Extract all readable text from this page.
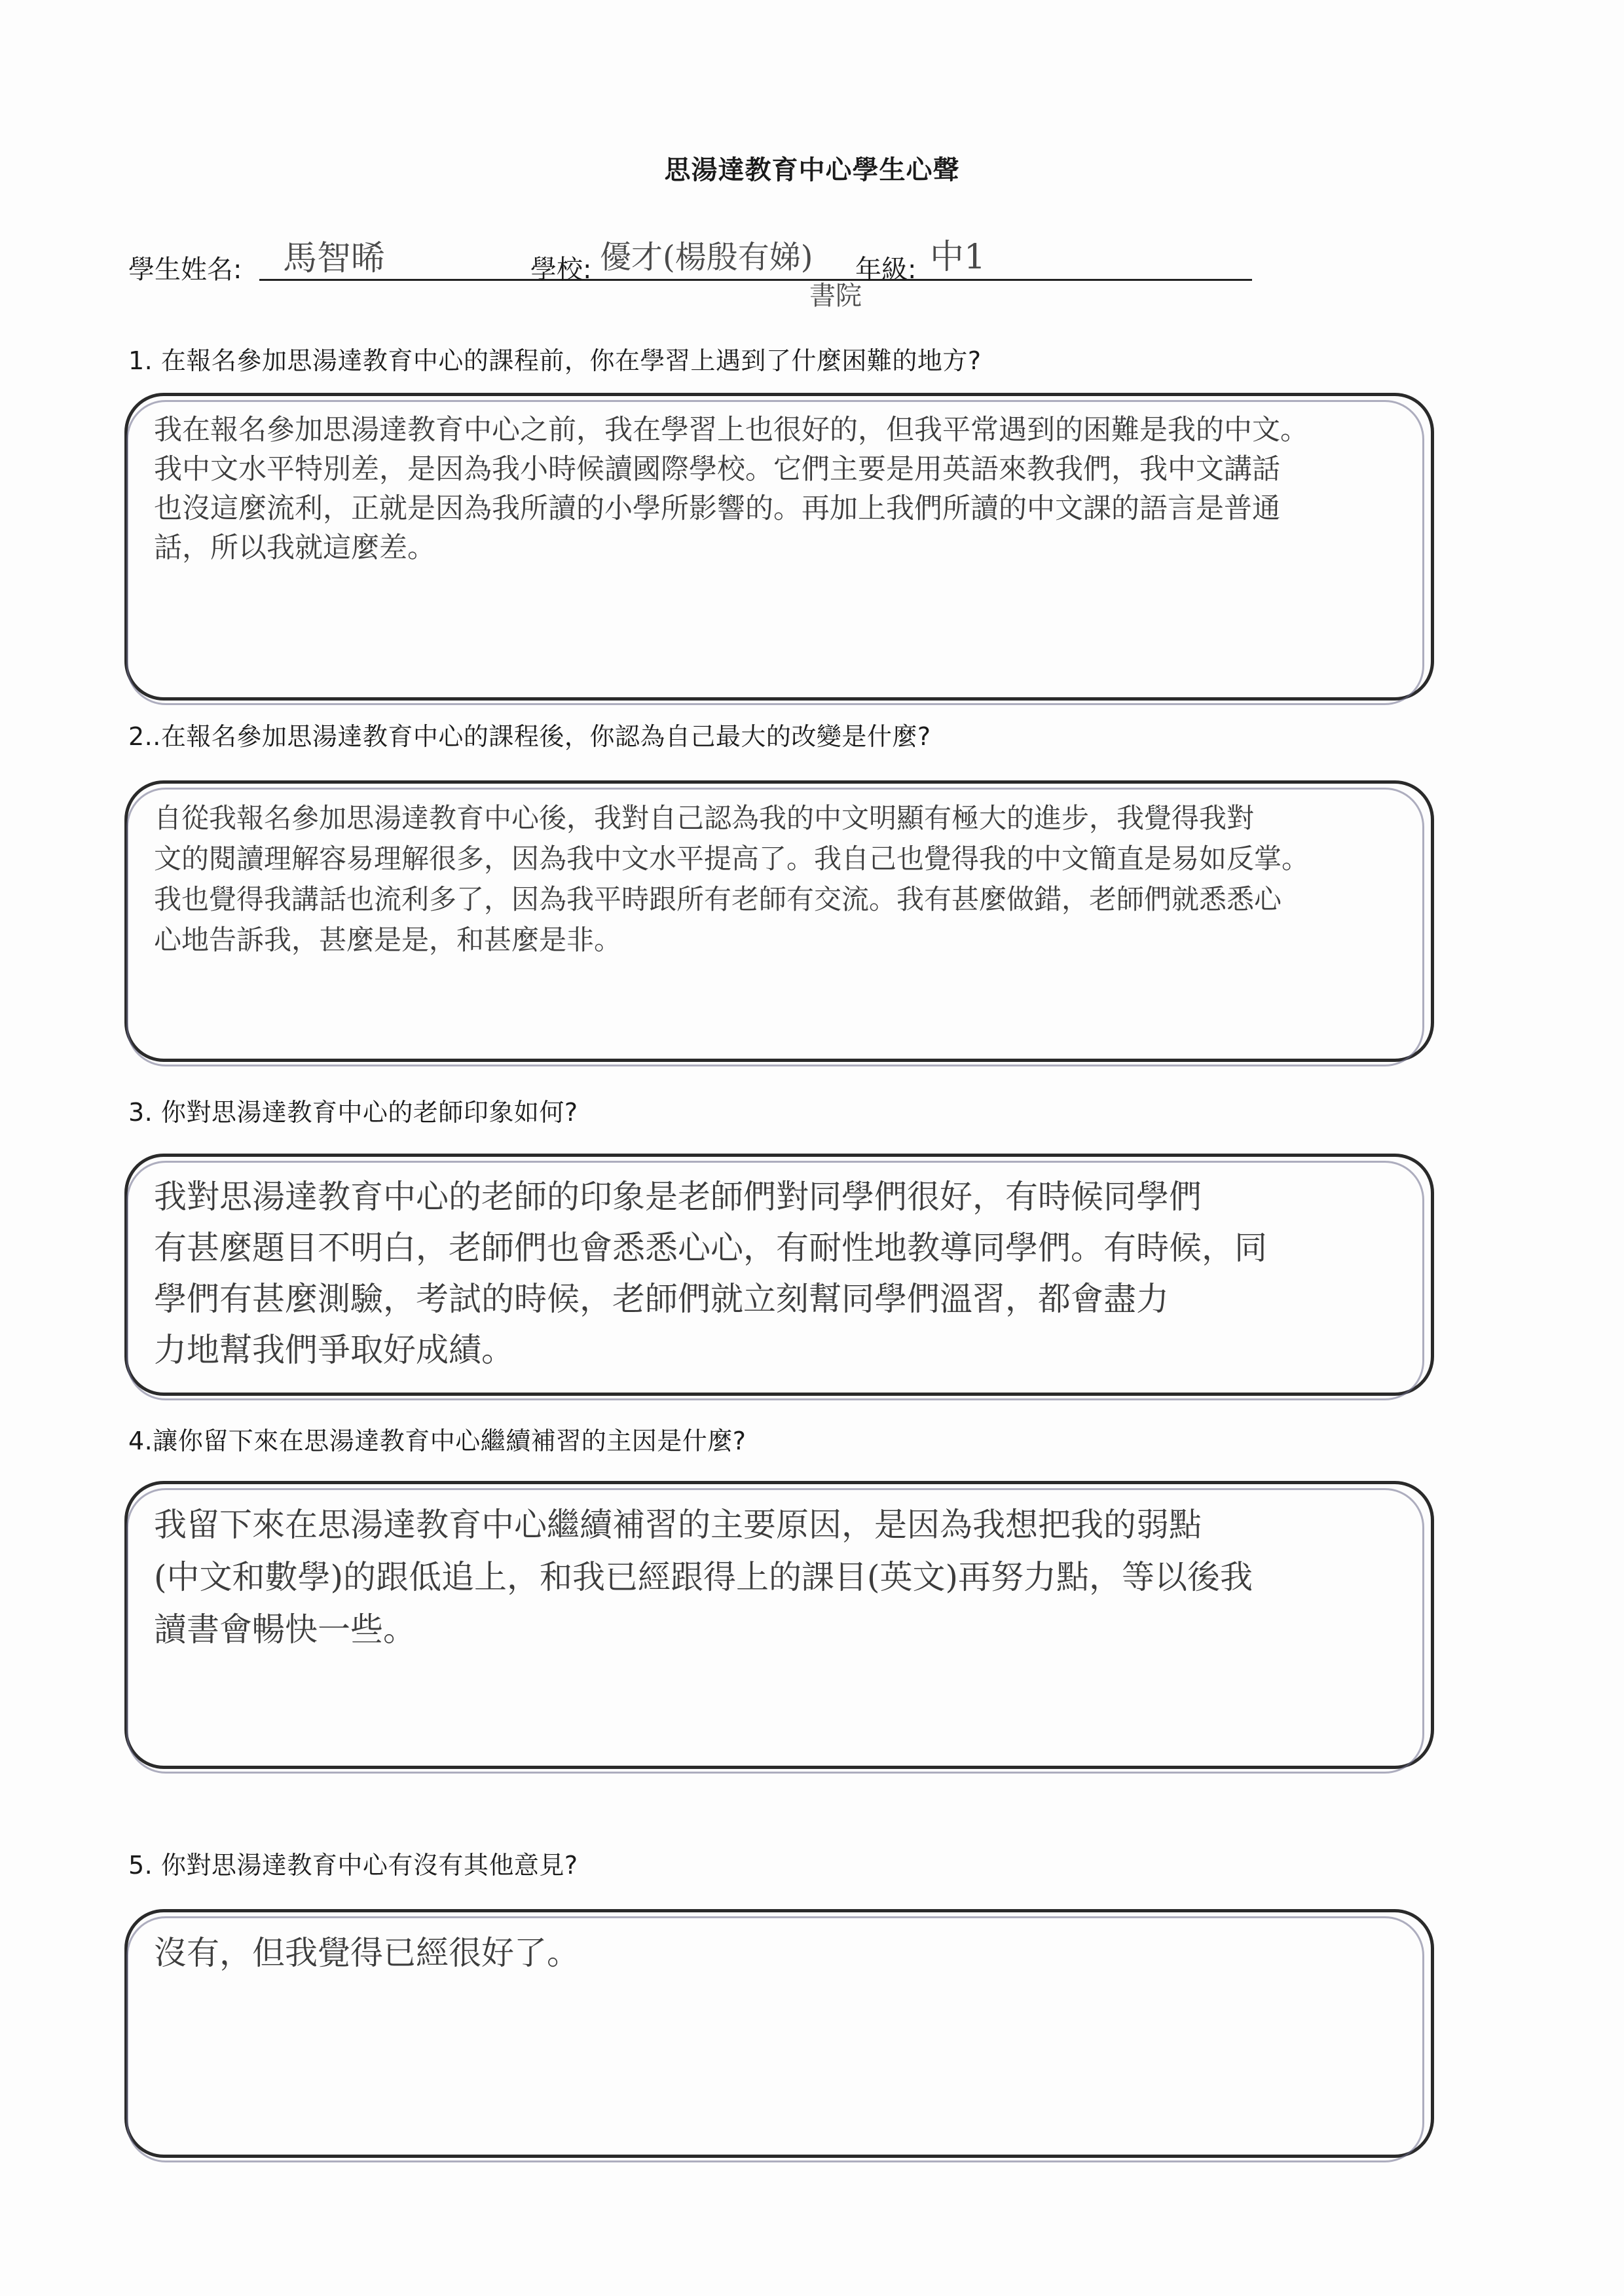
思湯達教育中心學生心聲
學生姓名: 馬智晞	學校: 優才(楊殷有娣)
書院
年級: 中1
1. 在報名參加思湯達教育中心的課程前，你在學習上遇到了什麼困難的地方?
我在報名參加思湯達教育中心之前，我在學習上也很好的，但我平常遇到的困難是我的中文。
我中文水平特別差，是因為我小時候讀國際學校。它們主要是用英語來教我們，我中文講話
也沒這麼流利，正就是因為我所讀的小學所影響的。再加上我們所讀的中文課的語言是普通
話，所以我就這麼差。
2..在報名參加思湯達教育中心的課程後，你認為自己最大的改變是什麼?
自從我報名參加思湯達教育中心後，我對自己認為我的中文明顯有極大的進步，我覺得我對
文的閱讀理解容易理解很多，因為我中文水平提高了。我自己也覺得我的中文簡直是易如反掌。
我也覺得我講話也流利多了，因為我平時跟所有老師有交流。我有甚麼做錯，老師們就悉悉心
心地告訴我，甚麼是是，和甚麼是非。
3. 你對思湯達教育中心的老師印象如何?
我對思湯達教育中心的老師的印象是老師們對同學們很好，有時候同學們
有甚麼題目不明白，老師們也會悉悉心心，有耐性地教導同學們。有時候，同
學們有甚麼測驗，考試的時候，老師們就立刻幫同學們溫習，都會盡力
力地幫我們爭取好成績。
4.讓你留下來在思湯達教育中心繼續補習的主因是什麼?
我留下來在思湯達教育中心繼續補習的主要原因，是因為我想把我的弱點
(中文和數學)的跟低追上，和我已經跟得上的課目(英文)再努力點，等以後我
讀書會暢快一些。
5. 你對思湯達教育中心有沒有其他意見?
沒有，但我覺得已經很好了。
